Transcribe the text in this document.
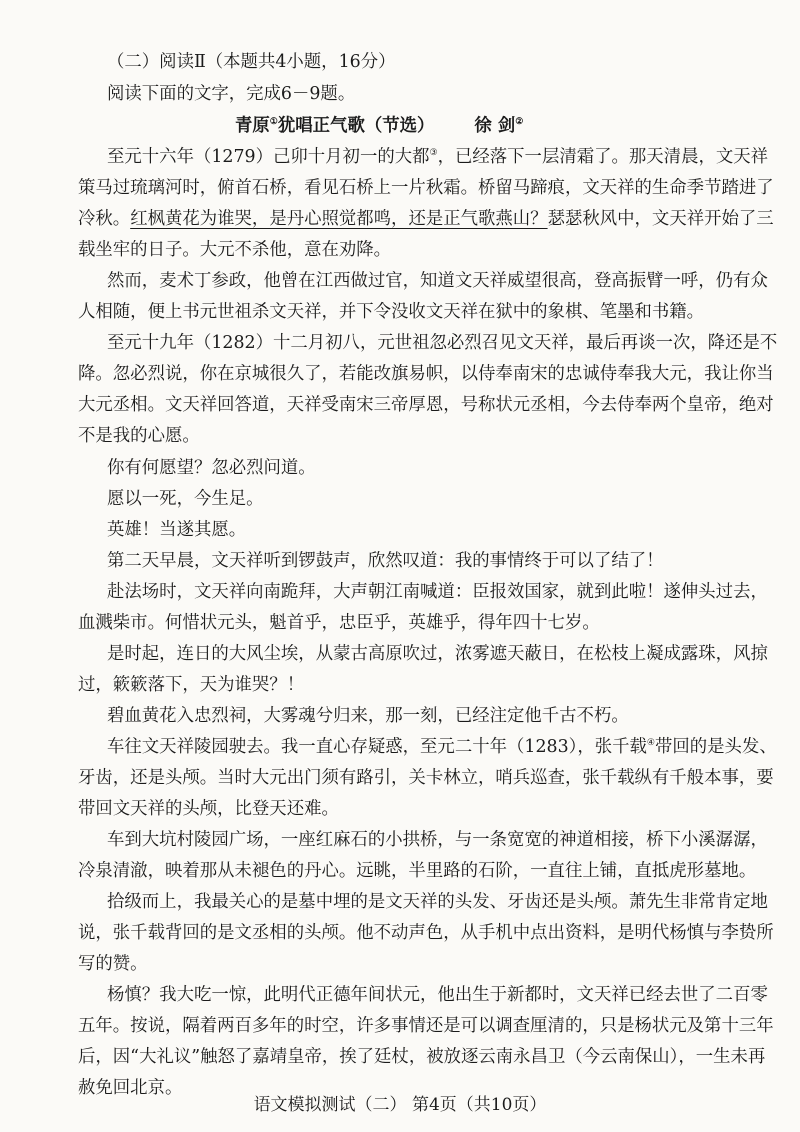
（二）阅读Ⅱ（本题共4小题，16分）
阅读下面的文字，完成6－9题。
青原①犹唱正气歌（节选） 徐 剑②
至元十六年（1279）己卯十月初一的大都③，已经落下一层清霜了。那天清晨，文天祥
策马过琉璃河时，俯首石桥，看见石桥上一片秋霜。桥留马蹄痕，文天祥的生命季节踏进了
冷秋。红枫黄花为谁哭，是丹心照觉都鸣，还是正气歌燕山？瑟瑟秋风中，文天祥开始了三
载坐牢的日子。大元不杀他，意在劝降。
然而，麦术丁参政，他曾在江西做过官，知道文天祥威望很高，登高振臂一呼，仍有众
人相随，便上书元世祖杀文天祥，并下令没收文天祥在狱中的象棋、笔墨和书籍。
至元十九年（1282）十二月初八，元世祖忽必烈召见文天祥，最后再谈一次，降还是不
降。忽必烈说，你在京城很久了，若能改旗易帜，以侍奉南宋的忠诚侍奉我大元，我让你当
大元丞相。文天祥回答道，天祥受南宋三帝厚恩，号称状元丞相，今去侍奉两个皇帝，绝对
不是我的心愿。
你有何愿望？忽必烈问道。
愿以一死，今生足。
英雄！当遂其愿。
第二天早晨，文天祥听到锣鼓声，欣然叹道：我的事情终于可以了结了！
赴法场时，文天祥向南跪拜，大声朝江南喊道：臣报效国家，就到此啦！遂伸头过去，
血溅柴市。何惜状元头，魁首乎，忠臣乎，英雄乎，得年四十七岁。
是时起，连日的大风尘埃，从蒙古高原吹过，浓雾遮天蔽日，在松枝上凝成露珠，风掠
过，簌簌落下，天为谁哭？！
碧血黄花入忠烈祠，大雾魂兮归来，那一刻，已经注定他千古不朽。
车往文天祥陵园驶去。我一直心存疑惑，至元二十年（1283），张千载④带回的是头发、
牙齿，还是头颅。当时大元出门须有路引，关卡林立，哨兵巡查，张千载纵有千般本事，要
带回文天祥的头颅，比登天还难。
车到大坑村陵园广场，一座红麻石的小拱桥，与一条宽宽的神道相接，桥下小溪潺潺，
冷泉清澈，映着那从未褪色的丹心。远眺，半里路的石阶，一直往上铺，直抵虎形墓地。
拾级而上，我最关心的是墓中埋的是文天祥的头发、牙齿还是头颅。萧先生非常肯定地
说，张千载背回的是文丞相的头颅。他不动声色，从手机中点出资料，是明代杨慎与李贽所
写的赞。
杨慎？我大吃一惊，此明代正德年间状元，他出生于新都时，文天祥已经去世了二百零
五年。按说，隔着两百多年的时空，许多事情还是可以调查厘清的，只是杨状元及第十三年
后，因“大礼议”触怒了嘉靖皇帝，挨了廷杖，被放逐云南永昌卫（今云南保山），一生未再
赦免回北京。
语文模拟测试（二） 第4页（共10页）
